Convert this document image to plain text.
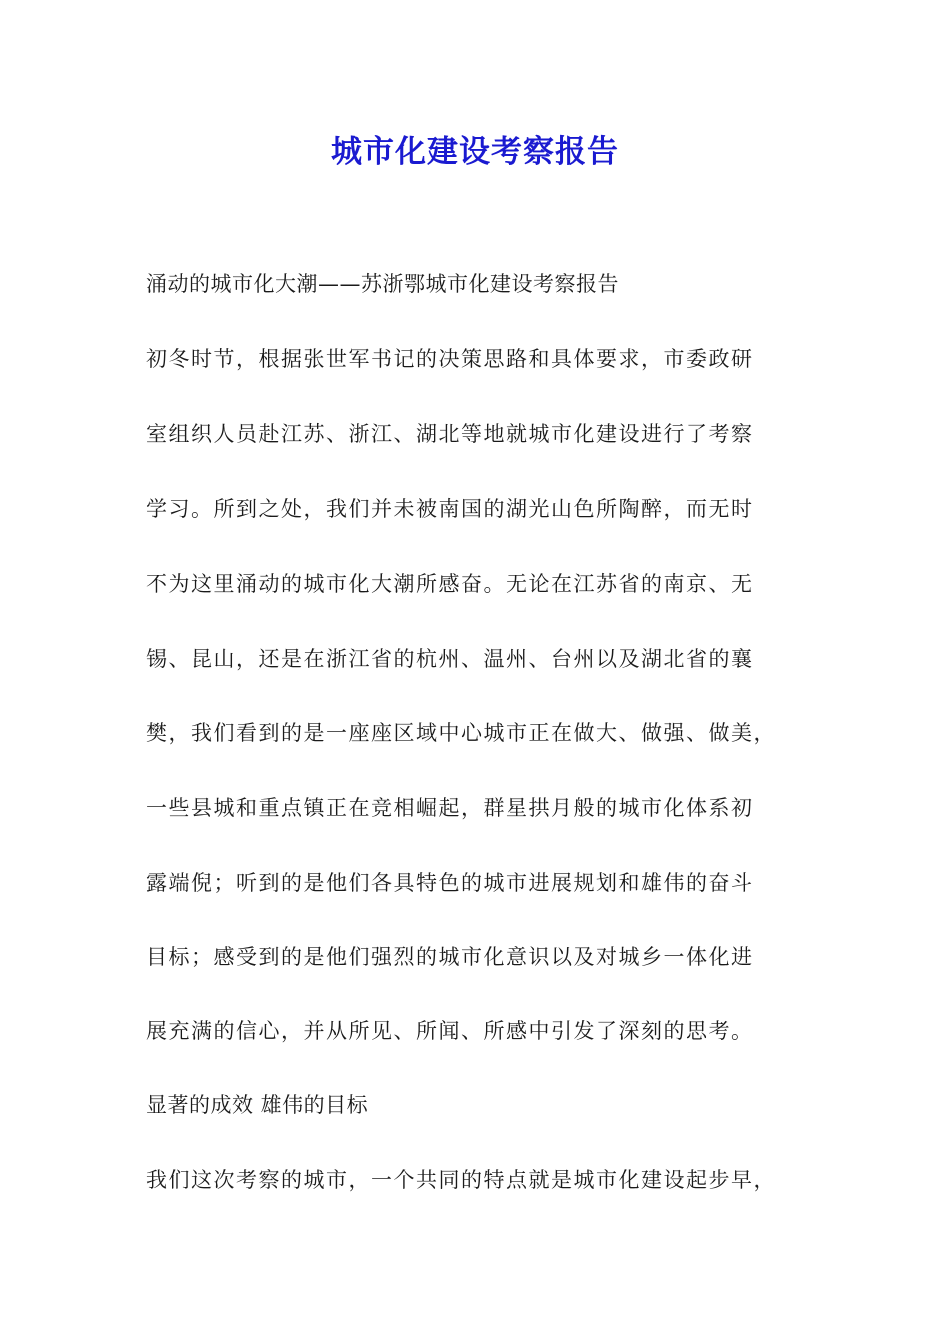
城市化建设考察报告
涌动的城市化大潮——苏浙鄂城市化建设考察报告
初冬时节，根据张世军书记的决策思路和具体要求，市委政研
室组织人员赴江苏、浙江、湖北等地就城市化建设进行了考察
学习。所到之处，我们并未被南国的湖光山色所陶醉，而无时
不为这里涌动的城市化大潮所感奋。无论在江苏省的南京、无
锡、昆山，还是在浙江省的杭州、温州、台州以及湖北省的襄
樊，我们看到的是一座座区域中心城市正在做大、做强、做美，
一些县城和重点镇正在竞相崛起，群星拱月般的城市化体系初
露端倪；听到的是他们各具特色的城市进展规划和雄伟的奋斗
目标；感受到的是他们强烈的城市化意识以及对城乡一体化进
展充满的信心，并从所见、所闻、所感中引发了深刻的思考。
显著的成效 雄伟的目标
我们这次考察的城市，一个共同的特点就是城市化建设起步早，
